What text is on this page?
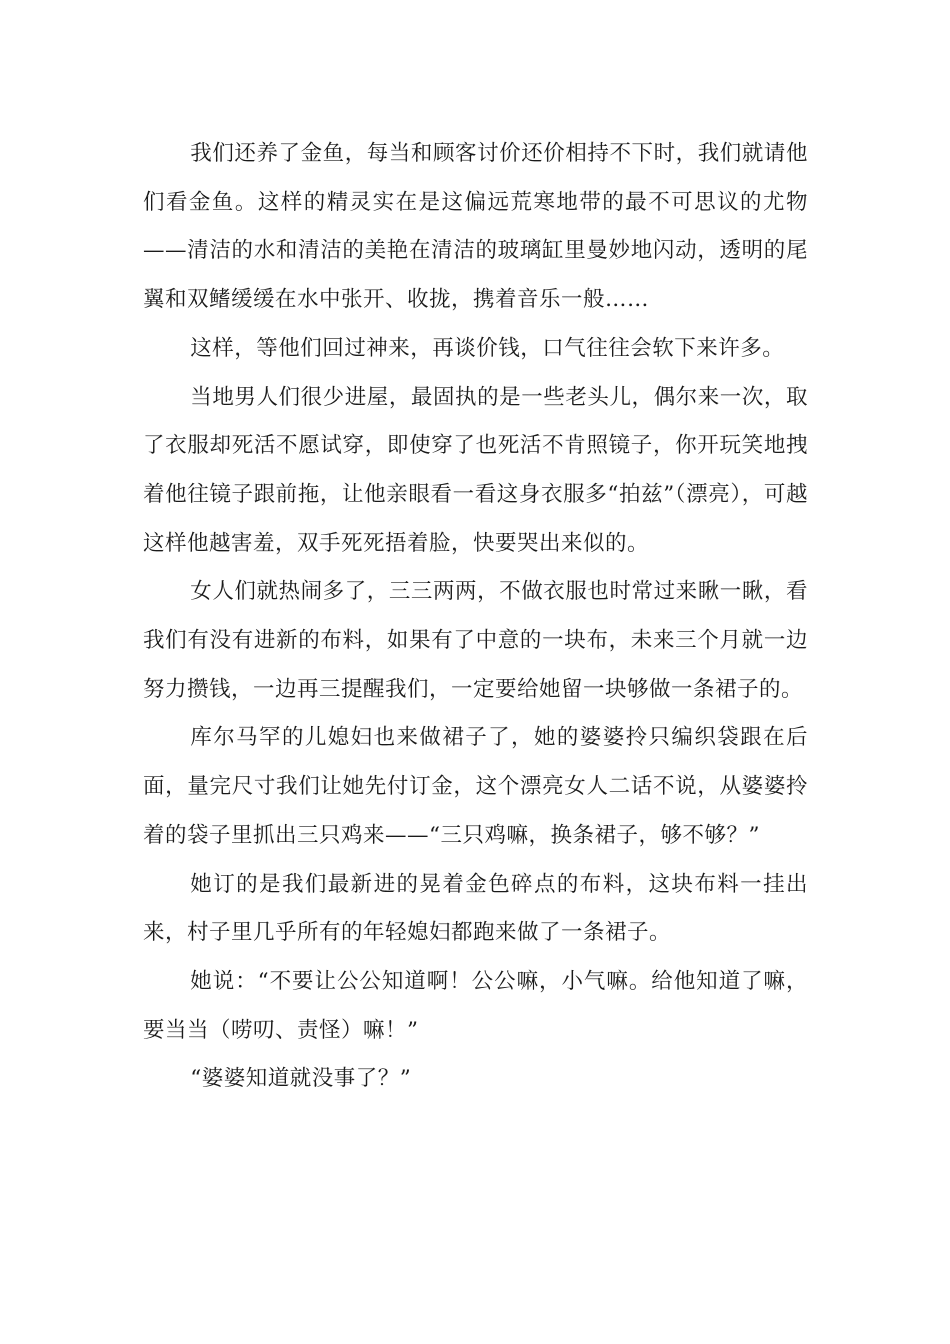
我们还养了金鱼，每当和顾客讨价还价相持不下时，我们就请他们看金鱼。这样的精灵实在是这偏远荒寒地带的最不可思议的尤物——清洁的水和清洁的美艳在清洁的玻璃缸里曼妙地闪动，透明的尾翼和双鳍缓缓在水中张开、收拢，携着音乐一般……

这样，等他们回过神来，再谈价钱，口气往往会软下来许多。

当地男人们很少进屋，最固执的是一些老头儿，偶尔来一次，取了衣服却死活不愿试穿，即使穿了也死活不肯照镜子，你开玩笑地拽着他往镜子跟前拖，让他亲眼看一看这身衣服多“拍兹”（漂亮），可越这样他越害羞，双手死死捂着脸，快要哭出来似的。

女人们就热闹多了，三三两两，不做衣服也时常过来瞅一瞅，看我们有没有进新的布料，如果有了中意的一块布，未来三个月就一边努力攒钱，一边再三提醒我们，一定要给她留一块够做一条裙子的。

库尔马罕的儿媳妇也来做裙子了，她的婆婆拎只编织袋跟在后面，量完尺寸我们让她先付订金，这个漂亮女人二话不说，从婆婆拎着的袋子里抓出三只鸡来——“三只鸡嘛，换条裙子，够不够？”

她订的是我们最新进的晃着金色碎点的布料，这块布料一挂出来，村子里几乎所有的年轻媳妇都跑来做了一条裙子。

她说：“不要让公公知道啊！公公嘛，小气嘛。给他知道了嘛，要当当（唠叨、责怪）嘛！”

“婆婆知道就没事了？”
